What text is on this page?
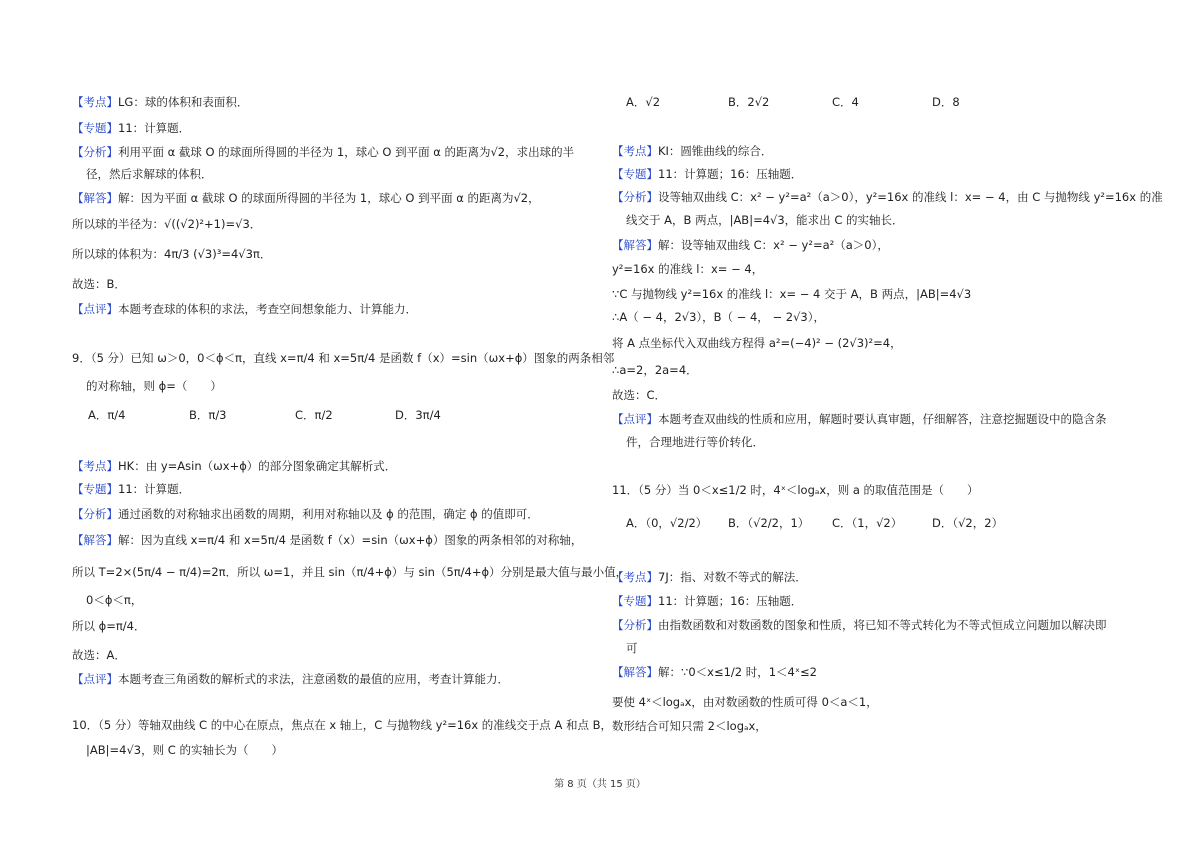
【考点】LG：球的体积和表面积．
【专题】11：计算题．
【分析】利用平面 α 截球 O 的球面所得圆的半径为 1，球心 O 到平面 α 的距离为√2，求出球的半
径，然后求解球的体积．
【解答】解：因为平面 α 截球 O 的球面所得圆的半径为 1，球心 O 到平面 α 的距离为√2，
所以球的半径为：√((√2)²+1)=√3．
所以球的体积为：4π/3 (√3)³=4√3π．
故选：B．
【点评】本题考查球的体积的求法，考查空间想象能力、计算能力．
9．（5 分）已知 ω＞0，0＜ϕ＜π，直线 x=π/4 和 x=5π/4 是函数 f（x）=sin（ωx+ϕ）图象的两条相邻
的对称轴，则 ϕ=（　　）
A．π/4	B．π/3	C．π/2	D．3π/4
【考点】HK：由 y=Asin（ωx+ϕ）的部分图象确定其解析式．
【专题】11：计算题．
【分析】通过函数的对称轴求出函数的周期，利用对称轴以及 ϕ 的范围，确定 ϕ 的值即可．
【解答】解：因为直线 x=π/4 和 x=5π/4 是函数 f（x）=sin（ωx+ϕ）图象的两条相邻的对称轴，
所以 T=2×(5π/4 − π/4)=2π．所以 ω=1，并且 sin（π/4+ϕ）与 sin（5π/4+ϕ）分别是最大值与最小值，
0＜ϕ＜π，
所以 ϕ=π/4．
故选：A．
【点评】本题考查三角函数的解析式的求法，注意函数的最值的应用，考查计算能力．
10．（5 分）等轴双曲线 C 的中心在原点，焦点在 x 轴上，C 与抛物线 y²=16x 的准线交于点 A 和点 B，
|AB|=4√3，则 C 的实轴长为（　　）
A．√2	B．2√2	C．4	D．8
【考点】KI：圆锥曲线的综合．
【专题】11：计算题；16：压轴题．
【分析】设等轴双曲线 C：x² − y²=a²（a＞0），y²=16x 的准线 l：x= − 4，由 C 与抛物线 y²=16x 的准
线交于 A，B 两点，|AB|=4√3，能求出 C 的实轴长．
【解答】解：设等轴双曲线 C：x² − y²=a²（a＞0），
y²=16x 的准线 l：x= − 4，
∵C 与抛物线 y²=16x 的准线 l：x= − 4 交于 A，B 两点，|AB|=4√3
∴A（ − 4，2√3），B（ − 4， − 2√3），
将 A 点坐标代入双曲线方程得 a²=(−4)² − (2√3)²=4，
∴a=2，2a=4．
故选：C．
【点评】本题考查双曲线的性质和应用，解题时要认真审题，仔细解答，注意挖掘题设中的隐含条
件，合理地进行等价转化．
11．（5 分）当 0＜x≤1/2 时，4ˣ＜logₐx，则 a 的取值范围是（　　）
A．（0，√2/2） B．（√2/2，1） C．（1，√2）	D．（√2，2）
【考点】7J：指、对数不等式的解法．
【专题】11：计算题；16：压轴题．
【分析】由指数函数和对数函数的图象和性质，将已知不等式转化为不等式恒成立问题加以解决即
可
【解答】解：∵0＜x≤1/2 时，1＜4ˣ≤2
要使 4ˣ＜logₐx，由对数函数的性质可得 0＜a＜1，
数形结合可知只需 2＜logₐx，
第 8 页（共 15 页）
